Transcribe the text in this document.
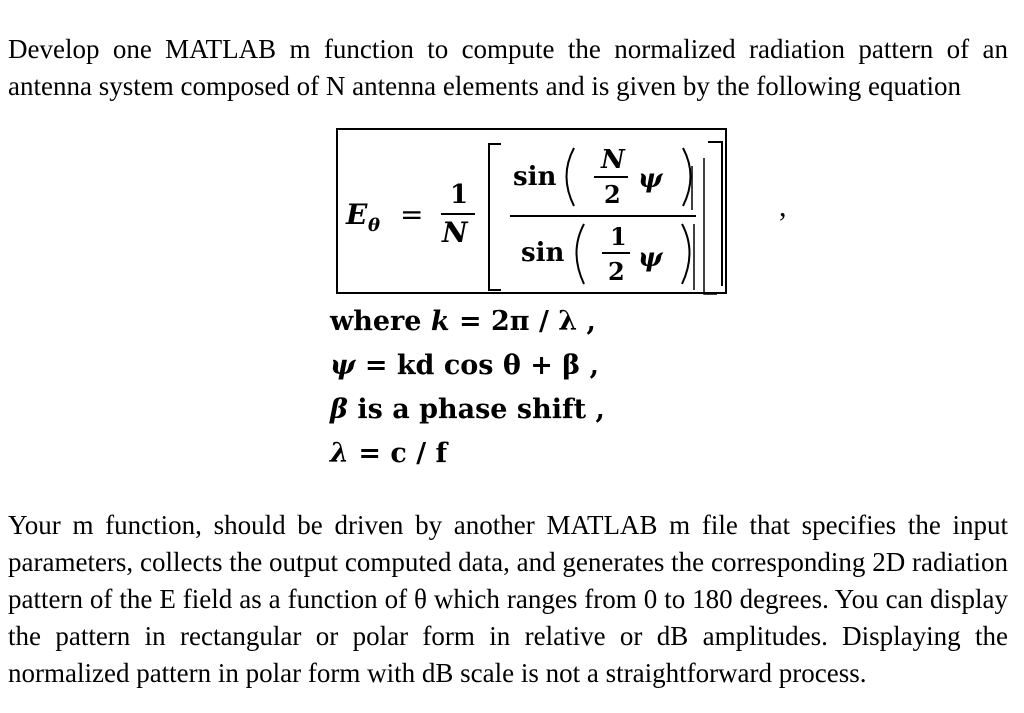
Develop one MATLAB m function to compute the normalized radiation pattern of an antenna system composed of N antenna elements and is given by the following equation

E θ =
1
N
sin
N
2
ψ
sin
1
2 ψ
,
where k = 2π / λ ,
ψ = kd cos θ + β ,
β is a phase shift ,
λ = c / f

Your m function, should be driven by another MATLAB m file that specifies the input parameters, collects the output computed data, and generates the corresponding 2D radiation pattern of the E field as a function of θ which ranges from 0 to 180 degrees. You can display the pattern in rectangular or polar form in relative or dB amplitudes. Displaying the normalized pattern in polar form with dB scale is not a straightforward process.
